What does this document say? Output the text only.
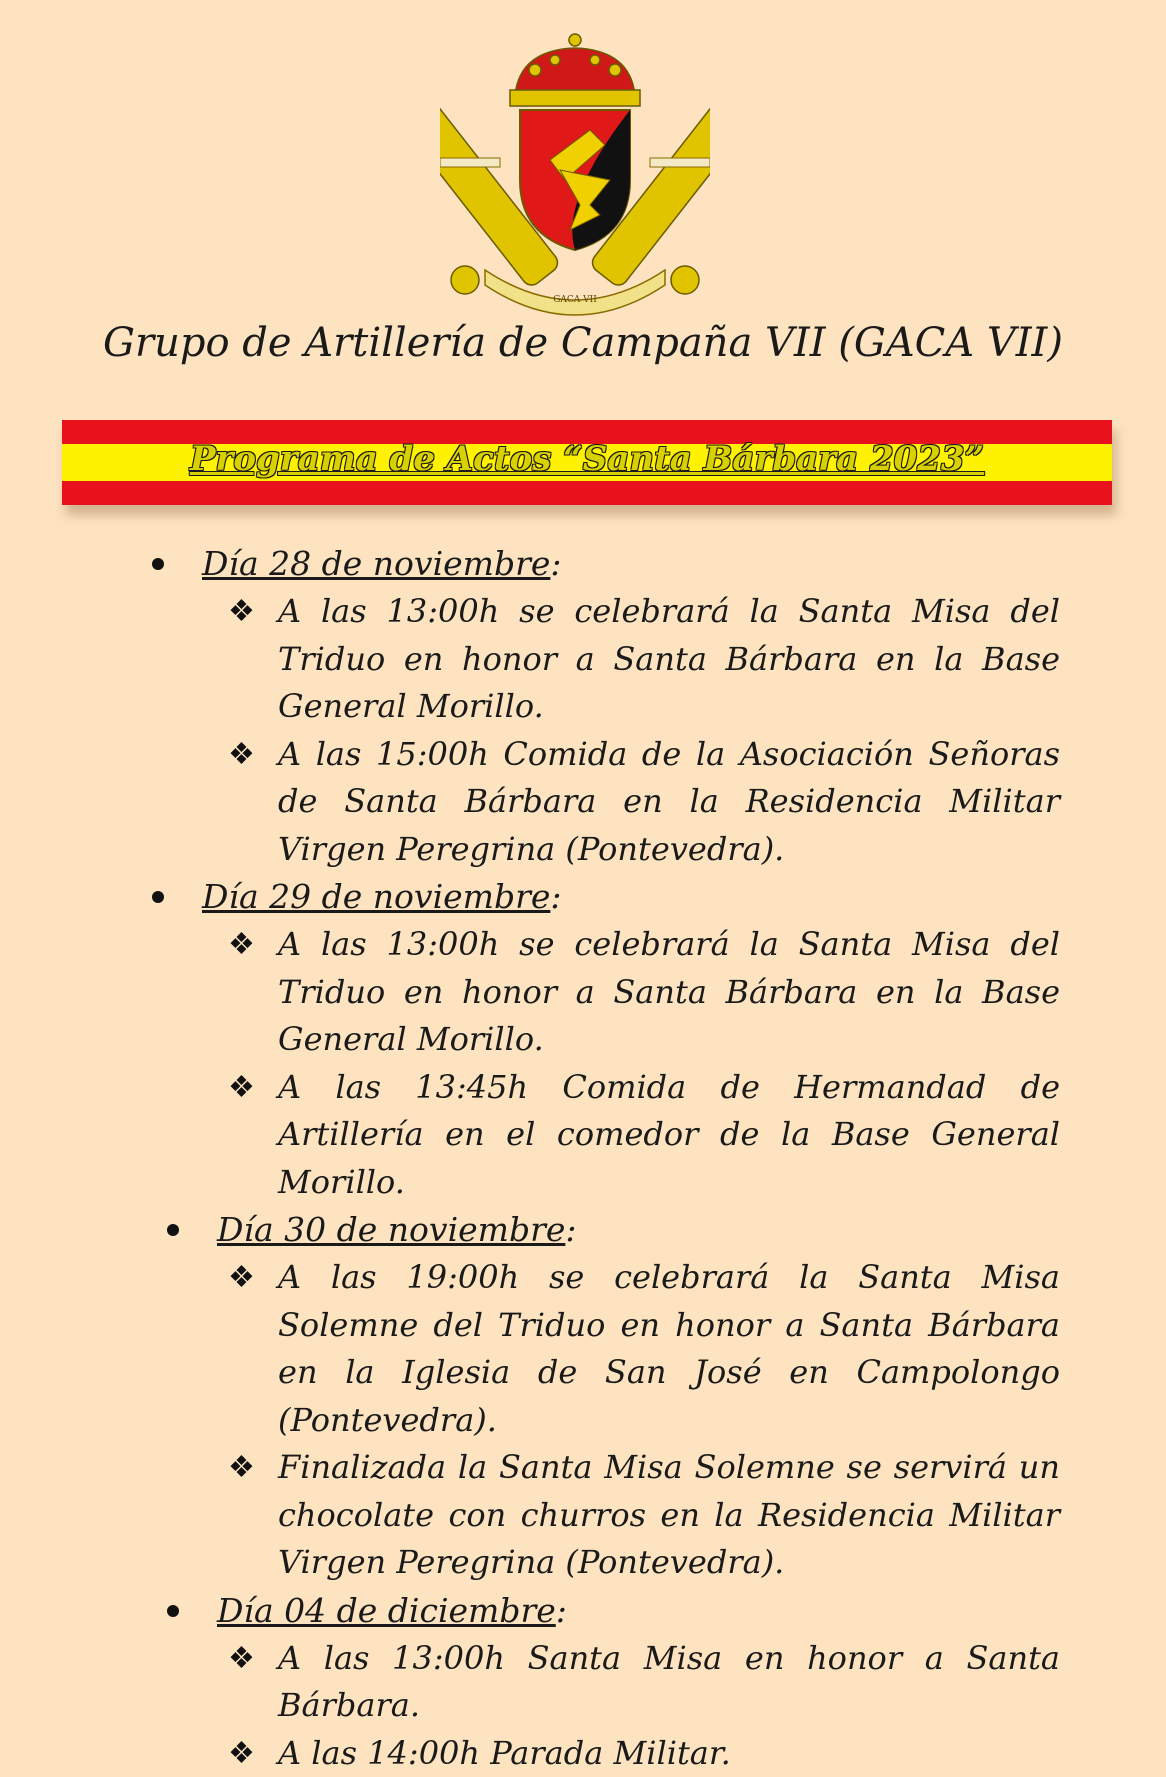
GACA VII
Grupo de Artillería de Campaña VII (GACA VII)
Programa de Actos “Santa Bárbara 2023”
Día 28 de noviembre:
❖ A las 13:00h se celebrará la Santa Misa del Triduo en honor a Santa Bárbara en la Base General Morillo.
❖ A las 15:00h Comida de la Asociación Señoras de Santa Bárbara en la Residencia Militar Virgen Peregrina (Pontevedra).
Día 29 de noviembre:
❖ A las 13:00h se celebrará la Santa Misa del Triduo en honor a Santa Bárbara en la Base General Morillo.
❖ A las 13:45h Comida de Hermandad de Artillería en el comedor de la Base General Morillo.
Día 30 de noviembre:
❖ A las 19:00h se celebrará la Santa Misa Solemne del Triduo en honor a Santa Bárbara en la Iglesia de San José en Campolongo (Pontevedra).
❖ Finalizada la Santa Misa Solemne se servirá un chocolate con churros en la Residencia Militar Virgen Peregrina (Pontevedra).
Día 04 de diciembre:
❖ A las 13:00h Santa Misa en honor a Santa Bárbara.
❖ A las 14:00h Parada Militar.
